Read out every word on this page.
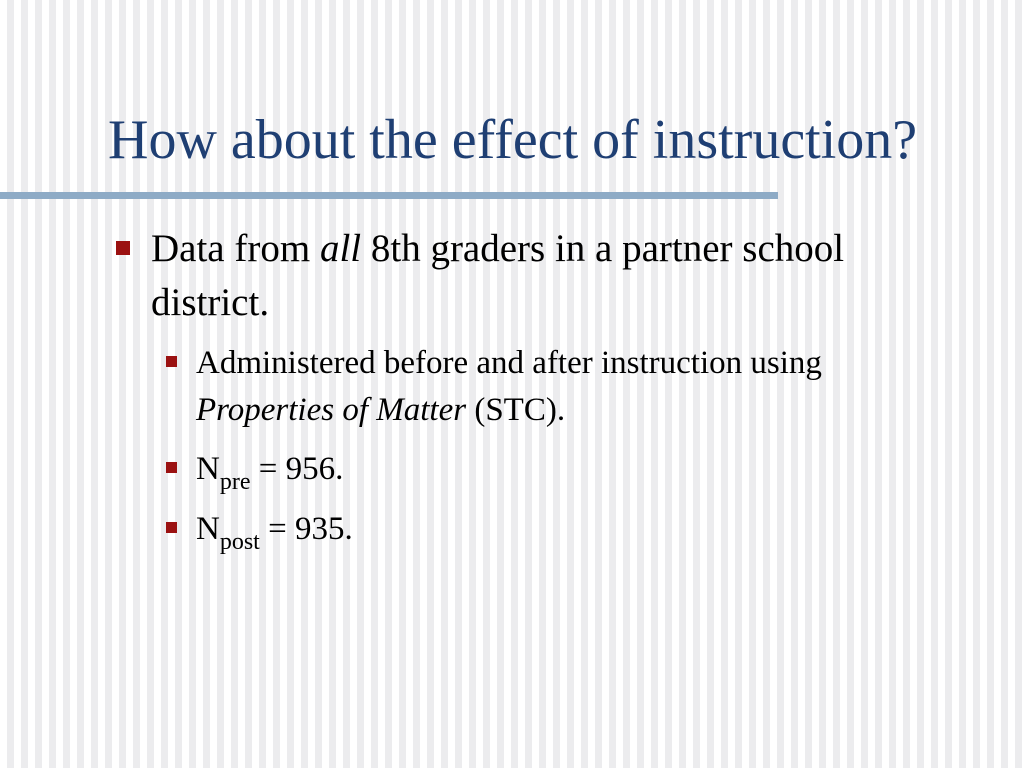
How about the effect of instruction?
Data from all 8th graders in a partner school district.
Administered before and after instruction using Properties of Matter (STC).
$N_{pre} = 956$.
$N_{post} = 935$.
